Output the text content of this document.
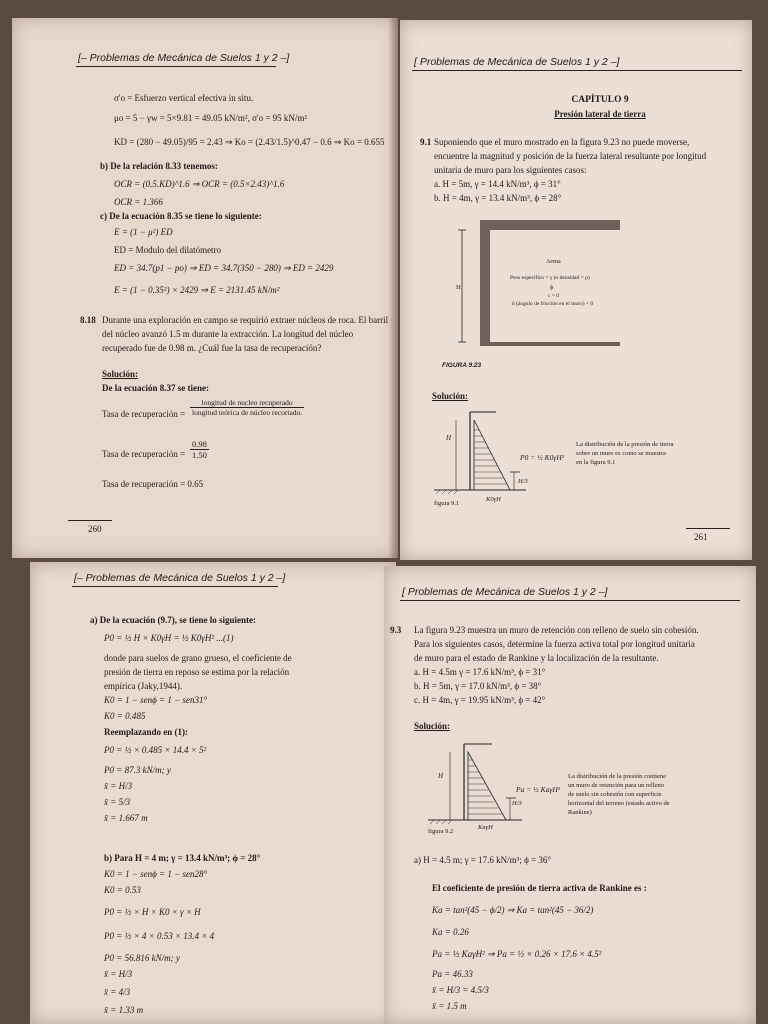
[– Problemas de Mecánica de Suelos 1 y 2 –]
σ'o = Esfuerzo vertical efectiva in situ.
μo = 5 − γw = 5×9.81 = 49.05 kN/m², σ'o = 95 kN/m²
KD = (280 − 49.05)/95 = 2.43 ⇒ Ko = (2.43/1.5)^0.47 − 0.6 ⇒ Ko = 0.655
b) De la relación 8.33 tenemos:
OCR = (0.5.KD)^1.6 ⇒ OCR = (0.5×2.43)^1.6
OCR = 1.366
c) De la ecuación 8.35 se tiene lo siguiente:
E = (1 − μ²) ED
ED = Modulo del dilatómetro
ED = 34.7(p1 − po) ⇒ ED = 34.7(350 − 280) ⇒ ED = 2429
E = (1 − 0.35²) × 2429 ⇒ E = 2131.45 kN/m²
8.18 Durante una exploración en campo se requirió extraer núcleos de roca. El barril
del núcleo avanzó 1.5 m durante la extracción. La longitud del núcleo
recuperado fue de 0.98 m. ¿Cuál fue la tasa de recuperación?
Solución:
De la ecuación 8.37 se tiene:
Tasa de recuperación =
longitud de nucleo recuperado
longitud teórica de núcleo recortado.
Tasa de recuperación = $\frac{0.98}{1.50}$
Tasa de recuperación = 0.65
260
[ Problemas de Mecánica de Suelos 1 y 2 –]
CAPÍTULO 9
Presión lateral de tierra
9.1 Suponiendo que el muro mostrado en la figura 9.23 no puede moverse,
encuentre la magnitud y posición de la fuerza lateral resultante por longitud
unitaria de muro para los siguientes casos:
a. H = 5m, γ = 14.4 kN/m³, ϕ = 31°
b. H = 4m, γ = 13.4 kN/m³, ϕ = 28°
H
Arena
Peso específico = γ (o densidad = ρ)
ϕ
c = 0
δ (ángulo de fricción en el muro) = 0
FIGURA 9.23
Solución:
H
H/3
P0 = ½ K0γH²
K0γH
figura 9.1
La distribución de la presión de tierra
sobre un muro es como se muestra
en la figura 9.1
261
[– Problemas de Mecánica de Suelos 1 y 2 –]
a) De la ecuación (9.7), se tiene lo siguiente:
P0 = ½ H × K0γH = ½ K0γH² ...(1)
donde para suelos de grano grueso, el coeficiente de
presión de tierra en reposo se estima por la relación
empírica (Jaky,1944).
K0 = 1 − senϕ = 1 − sen31°
K0 = 0.485
Reemplazando en (1):
P0 = ½ × 0.485 × 14.4 × 5²
P0 = 87.3 kN/m; y
x̄ = H/3
x̄ = 5/3
x̄ = 1.667 m
b) Para H = 4 m; γ = 13.4 kN/m³; ϕ = 28°
K0 = 1 − senϕ = 1 − sen28°
K0 = 0.53
P0 = ½ × H × K0 × γ × H
P0 = ½ × 4 × 0.53 × 13.4 × 4
P0 = 56.816 kN/m; y
x̄ = H/3
x̄ = 4/3
x̄ = 1.33 m
[ Problemas de Mecánica de Suelos 1 y 2 –]
9.3 La figura 9.23 muestra un muro de retención con relleno de suelo sin cohesión.
Para los siguientes casos, determine la fuerza activa total por longitud unitaria
de muro para el estado de Rankine y la localización de la resultante.
a. H = 4.5m γ = 17.6 kN/m³, ϕ = 31°
b. H = 5m, γ = 17.0 kN/m³, ϕ = 38°
c. H = 4m, γ = 19.95 kN/m³, ϕ = 42°
Solución:
H
H/3
Pa = ½ KaγH²
KaγH
figura 9.2
La distribución de la presión contiene
un muro de retención para un relleno
de suelo sin cohesión con superficie
horizontal del terreno (estado activo de
Rankine)
a) H = 4.5 m; γ = 17.6 kN/m³; ϕ = 36°
El coeficiente de presión de tierra activa de Rankine es :
Ka = tan²(45 − ϕ/2) ⇒ Ka = tan²(45 − 36/2)
Ka = 0.26
Pa = ½ KaγH² ⇒ Pa = ½ × 0.26 × 17.6 × 4.5²
Pa = 46.33
x̄ = H/3 = 4.5/3
x̄ = 1.5 m
